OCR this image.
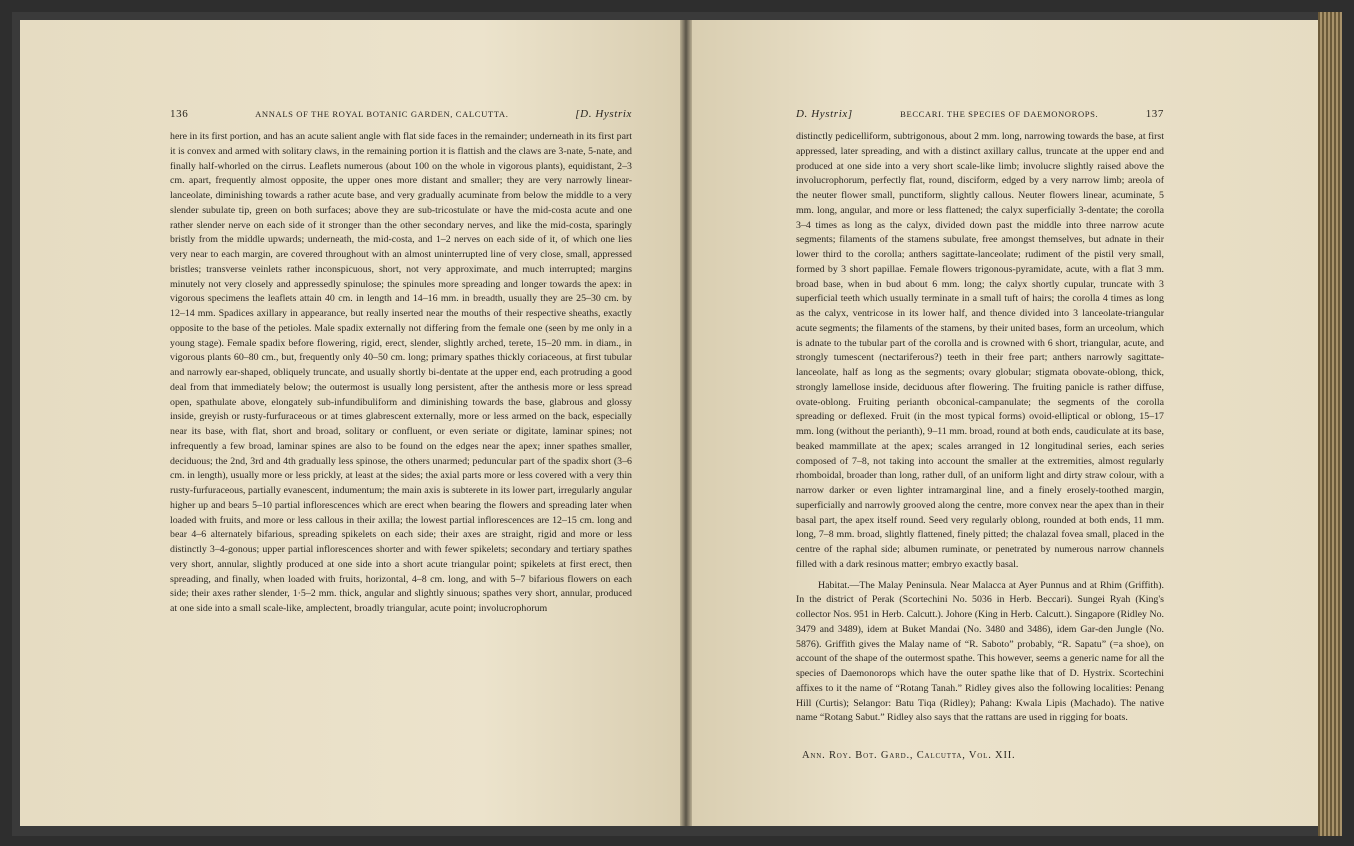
136	ANNALS OF THE ROYAL BOTANIC GARDEN, CALCUTTA.	[D. Hystrix

here in its first portion, and has an acute salient angle with flat side faces in the remainder; underneath in its first part it is convex and armed with solitary claws, in the remaining portion it is flattish and the claws are 3-nate, 5-nate, and finally half-whorled on the cirrus. Leaflets numerous (about 100 on the whole in vigorous plants), equidistant, 2–3 cm. apart, frequently almost opposite, the upper ones more distant and smaller; they are very narrowly linear-lanceolate, diminishing towards a rather acute base, and very gradually acuminate from below the middle to a very slender subulate tip, green on both surfaces; above they are sub-tricostulate or have the mid-costa acute and one rather slender nerve on each side of it stronger than the other secondary nerves, and like the mid-costa, sparingly bristly from the middle upwards; underneath, the mid-costa, and 1–2 nerves on each side of it, of which one lies very near to each margin, are covered throughout with an almost uninterrupted line of very close, small, appressed bristles; transverse veinlets rather inconspicuous, short, not very approximate, and much interrupted; margins minutely not very closely and appressedly spinulose; the spinules more spreading and longer towards the apex: in vigorous specimens the leaflets attain 40 cm. in length and 14–16 mm. in breadth, usually they are 25–30 cm. by 12–14 mm. Spadices axillary in appearance, but really inserted near the mouths of their respective sheaths, exactly opposite to the base of the petioles. Male spadix externally not differing from the female one (seen by me only in a young stage). Female spadix before flowering, rigid, erect, slender, slightly arched, terete, 15–20 mm. in diam., in vigorous plants 60–80 cm., but, frequently only 40–50 cm. long; primary spathes thickly coriaceous, at first tubular and narrowly ear-shaped, obliquely truncate, and usually shortly bi-dentate at the upper end, each protruding a good deal from that immediately below; the outermost is usually long persistent, after the anthesis more or less spread open, spathulate above, elongately sub-infundibuliform and diminishing towards the base, glabrous and glossy inside, greyish or rusty-furfuraceous or at times glabrescent externally, more or less armed on the back, especially near its base, with flat, short and broad, solitary or confluent, or even seriate or digitate, laminar spines; not infrequently a few broad, laminar spines are also to be found on the edges near the apex; inner spathes smaller, deciduous; the 2nd, 3rd and 4th gradually less spinose, the others unarmed; peduncular part of the spadix short (3–6 cm. in length), usually more or less prickly, at least at the sides; the axial parts more or less covered with a very thin rusty-furfuraceous, partially evanescent, indumentum; the main axis is subterete in its lower part, irregularly angular higher up and bears 5–10 partial inflorescences which are erect when bearing the flowers and spreading later when loaded with fruits, and more or less callous in their axilla; the lowest partial inflorescences are 12–15 cm. long and bear 4–6 alternately bifarious, spreading spikelets on each side; their axes are straight, rigid and more or less distinctly 3–4-gonous; upper partial inflorescences shorter and with fewer spikelets; secondary and tertiary spathes very short, annular, slightly produced at one side into a short acute triangular point; spikelets at first erect, then spreading, and finally, when loaded with fruits, horizontal, 4–8 cm. long, and with 5–7 bifarious flowers on each side; their axes rather slender, 1·5–2 mm. thick, angular and slightly sinuous; spathes very short, annular, produced at one side into a small scale-like, amplectent, broadly triangular, acute point; involucrophorum

D. Hystrix]	BECCARI. THE SPECIES OF DAEMONOROPS.	137

distinctly pedicelliform, subtrigonous, about 2 mm. long, narrowing towards the base, at first appressed, later spreading, and with a distinct axillary callus, truncate at the upper end and produced at one side into a very short scale-like limb; involucre slightly raised above the involucrophorum, perfectly flat, round, disciform, edged by a very narrow limb; areola of the neuter flower small, punctiform, slightly callous. Neuter flowers linear, acuminate, 5 mm. long, angular, and more or less flattened; the calyx superficially 3-dentate; the corolla 3–4 times as long as the calyx, divided down past the middle into three narrow acute segments; filaments of the stamens subulate, free amongst themselves, but adnate in their lower third to the corolla; anthers sagittate-lanceolate; rudiment of the pistil very small, formed by 3 short papillae. Female flowers trigonous-pyramidate, acute, with a flat 3 mm. broad base, when in bud about 6 mm. long; the calyx shortly cupular, truncate with 3 superficial teeth which usually terminate in a small tuft of hairs; the corolla 4 times as long as the calyx, ventricose in its lower half, and thence divided into 3 lanceolate-triangular acute segments; the filaments of the stamens, by their united bases, form an urceolum, which is adnate to the tubular part of the corolla and is crowned with 6 short, triangular, acute, and strongly tumescent (nectariferous?) teeth in their free part; anthers narrowly sagittate-lanceolate, half as long as the segments; ovary globular; stigmata obovate-oblong, thick, strongly lamellose inside, deciduous after flowering. The fruiting panicle is rather diffuse, ovate-oblong. Fruiting perianth obconical-campanulate; the segments of the corolla spreading or deflexed. Fruit (in the most typical forms) ovoid-elliptical or oblong, 15–17 mm. long (without the perianth), 9–11 mm. broad, round at both ends, caudiculate at its base, beaked mammillate at the apex; scales arranged in 12 longitudinal series, each series composed of 7–8, not taking into account the smaller at the extremities, almost regularly rhomboidal, broader than long, rather dull, of an uniform light and dirty straw colour, with a narrow darker or even lighter intramarginal line, and a finely erosely-toothed margin, superficially and narrowly grooved along the centre, more convex near the apex than in their basal part, the apex itself round. Seed very regularly oblong, rounded at both ends, 11 mm. long, 7–8 mm. broad, slightly flattened, finely pitted; the chalazal fovea small, placed in the centre of the raphal side; albumen ruminate, or penetrated by numerous narrow channels filled with a dark resinous matter; embryo exactly basal.

Habitat.—The Malay Peninsula. Near Malacca at Ayer Punnus and at Rhim (Griffith). In the district of Perak (Scortechini No. 5036 in Herb. Beccari). Sungei Ryah (King's collector Nos. 951 in Herb. Calcutt.). Johore (King in Herb. Calcutt.). Singapore (Ridley No. 3479 and 3489), idem at Buket Mandai (No. 3480 and 3486), idem Gar-den Jungle (No. 5876). Griffith gives the Malay name of “R. Saboto” probably, “R. Sapatu” (=a shoe), on account of the shape of the outermost spathe. This however, seems a generic name for all the species of Daemonorops which have the outer spathe like that of D. Hystrix. Scortechini affixes to it the name of “Rotang Tanah.” Ridley gives also the following localities: Penang Hill (Curtis); Selangor: Batu Tiqa (Ridley); Pahang: Kwala Lipis (Machado). The native name “Rotang Sabut.” Ridley also says that the rattans are used in rigging for boats.

Ann. Roy. Bot. Gard., Calcutta, Vol. XII.
